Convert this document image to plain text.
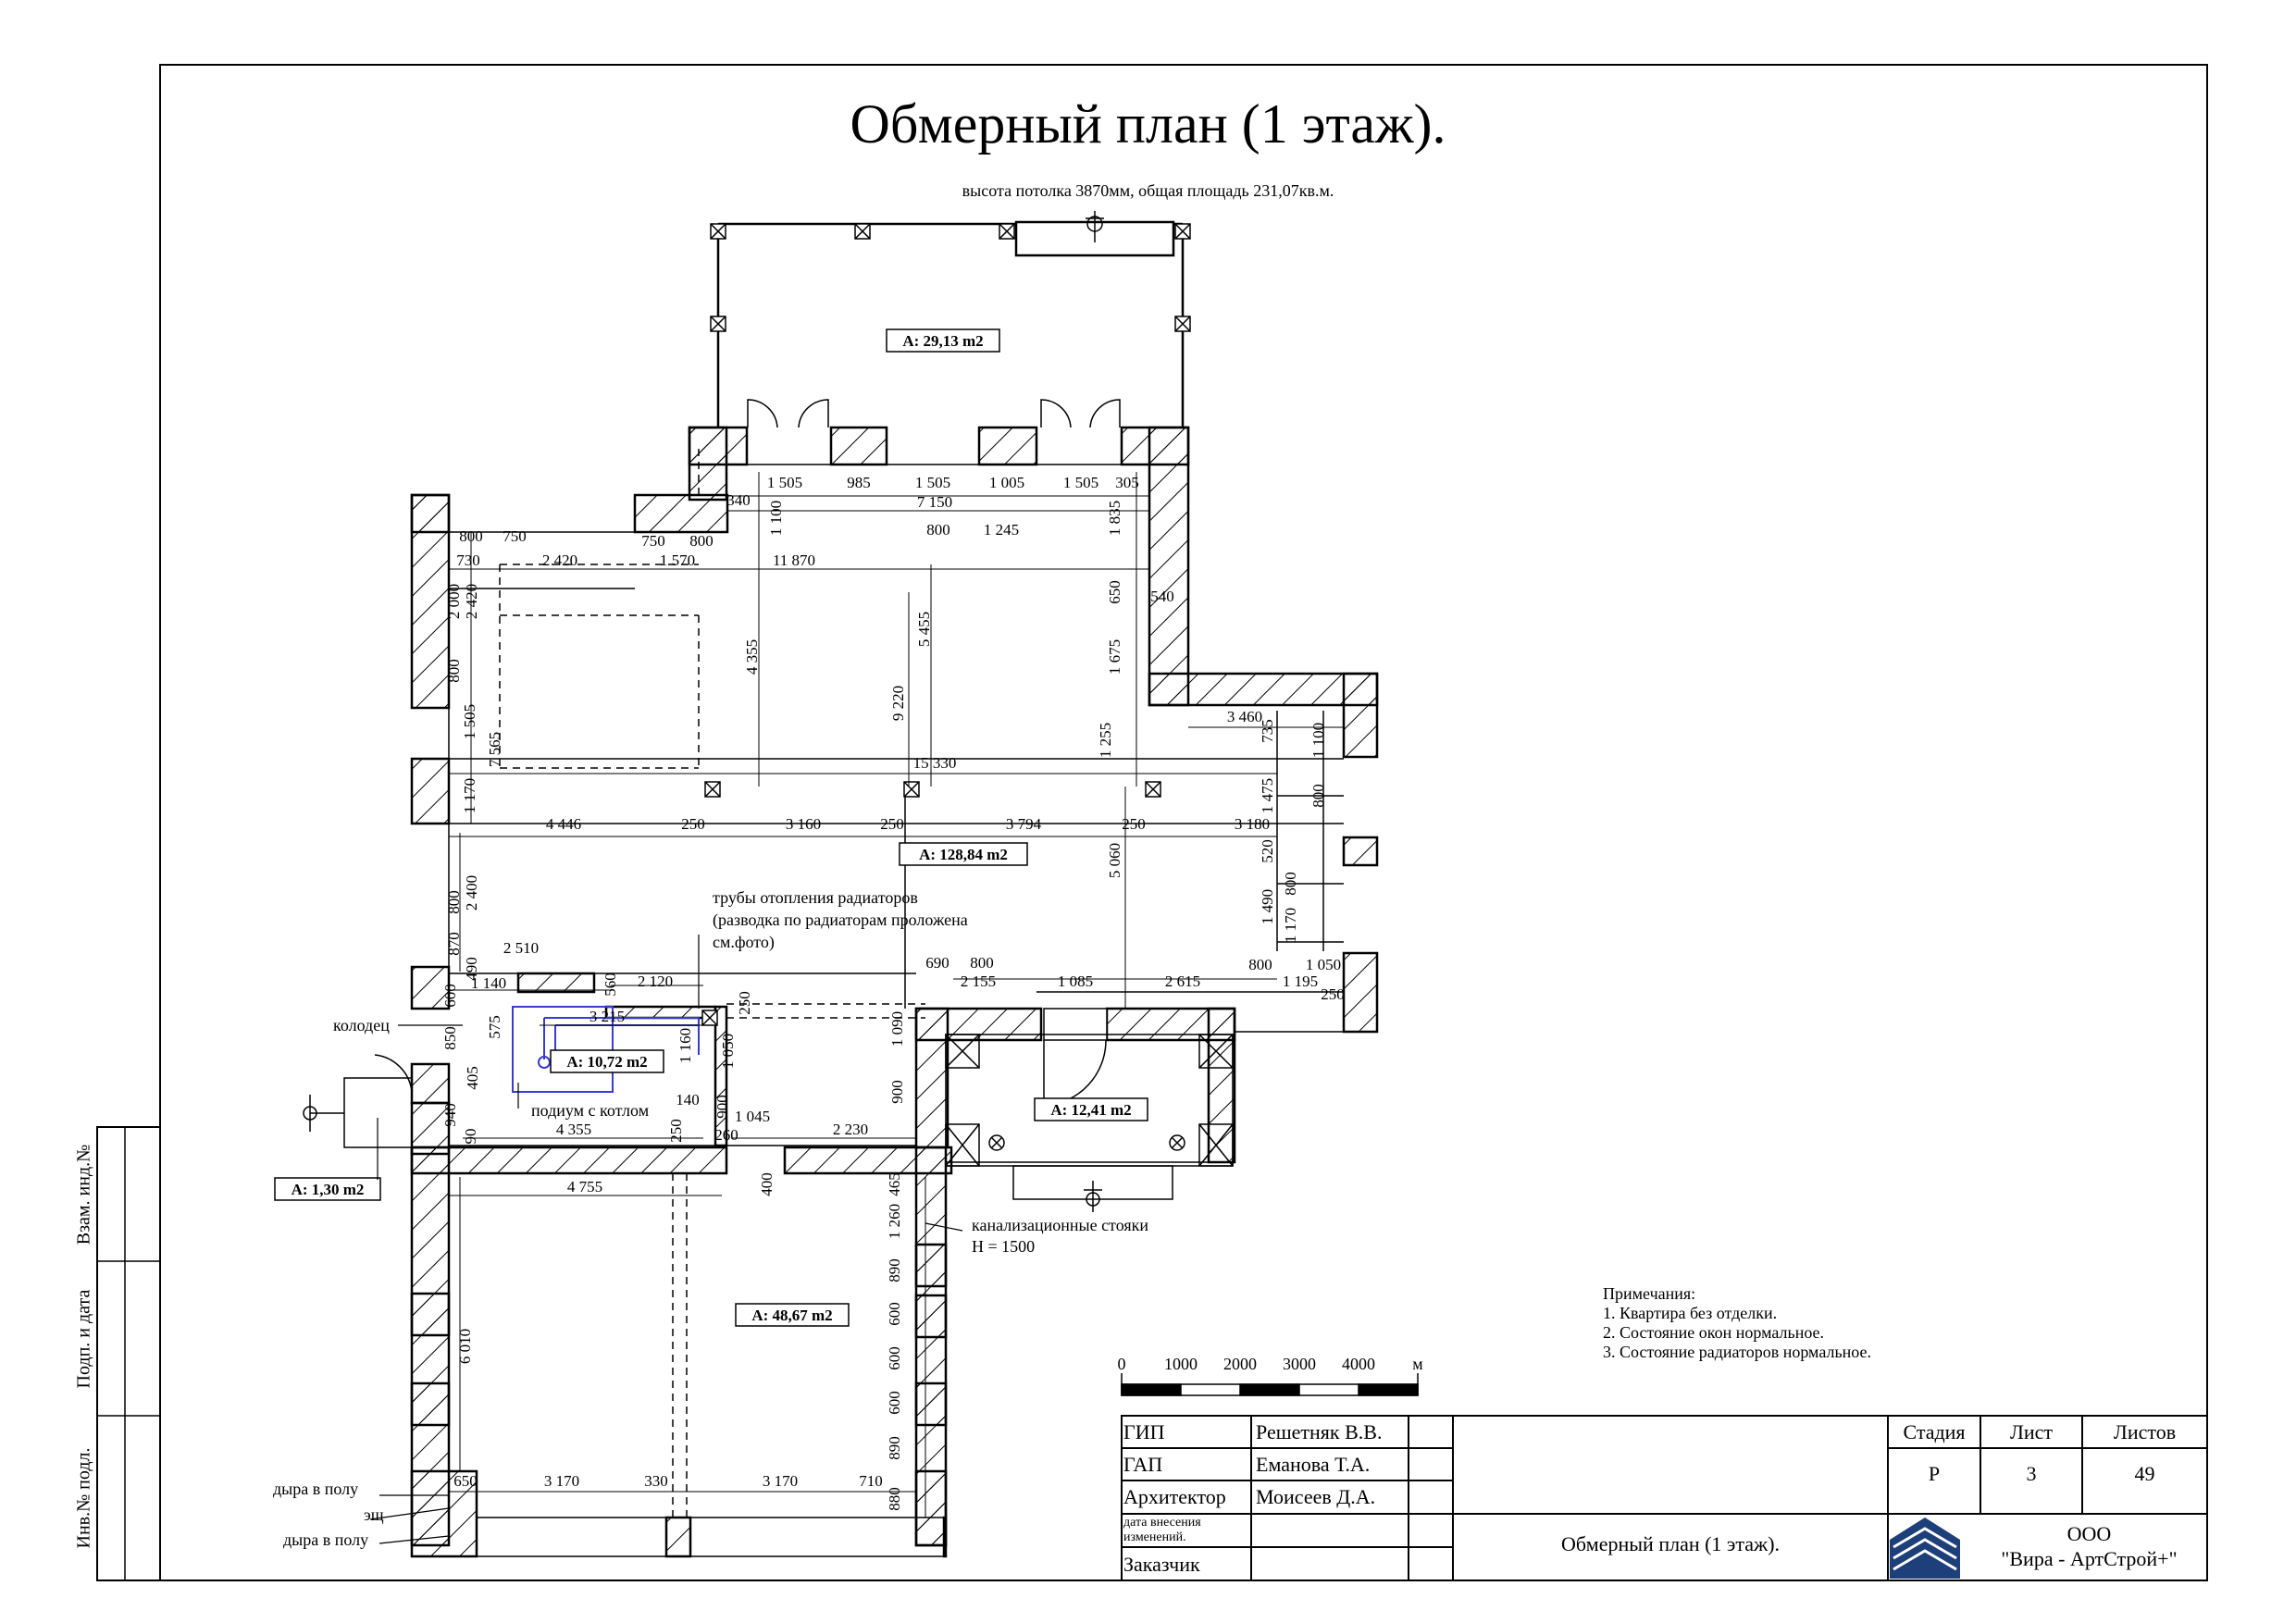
Обмерный план (1 этаж).
высота потолка 3870мм, общая площадь 231,07кв.м.
0 1000 2000 3000 4000 м
A: 29,13 m2
A: 128,84 m2
A: 10,72 m2
A: 12,41 m2
A: 48,67 m2
A: 1,30 m2
трубы отопления радиаторов
(разводка по радиаторам проложена
см.фото)
колодец
подиум с котлом
канализационные стояки
H = 1500
дыра в полу
эщ
дыра в полу
1 505	985	1 505 1 005 1 505 305
340
1 100	7 150	1 835
800 1 245
800 750	750 800
730	2 420	1 570	11 870
650 540
2 000 2 420
4 355
5 455
1 675
800
9 220
1 505
7 565	15 330
1 255
3 460
735 1 100
1 170
4 446	250	3 160	250	3 794	250	3 180
1 475 800
800 2 400
5 060	520
870
1 490
800
1 170
2 510
490	690 800
2 155	1 085	2 615
800
1 195
1 050
250
1 140	560 2 120
600	250
3 215
850 575
1 160 1 050
1 090
405
900
140
940
90
900
4 355	250
1 045
2 230
260
4 755	400	465
1 260
890
600
6 010	600
600
890
650	3 170	330	3 170	710
880
Примечания:
1. Квартира без отделки.
2. Состояние окон нормальное.
3. Состояние радиаторов нормальное.
Взам. инд.№
Подп. и дата
Инв.№ подл.
ГИП	Решетняк В.В.
ГАП	Еманова Т.А.
Архитектор Моисеев Д.А.
дата внесения изменений.
Заказчик
Обмерный план (1 этаж).
Стадия	Лист	Листов
Р	3	49
ООО
"Вира - АртСтрой+"
